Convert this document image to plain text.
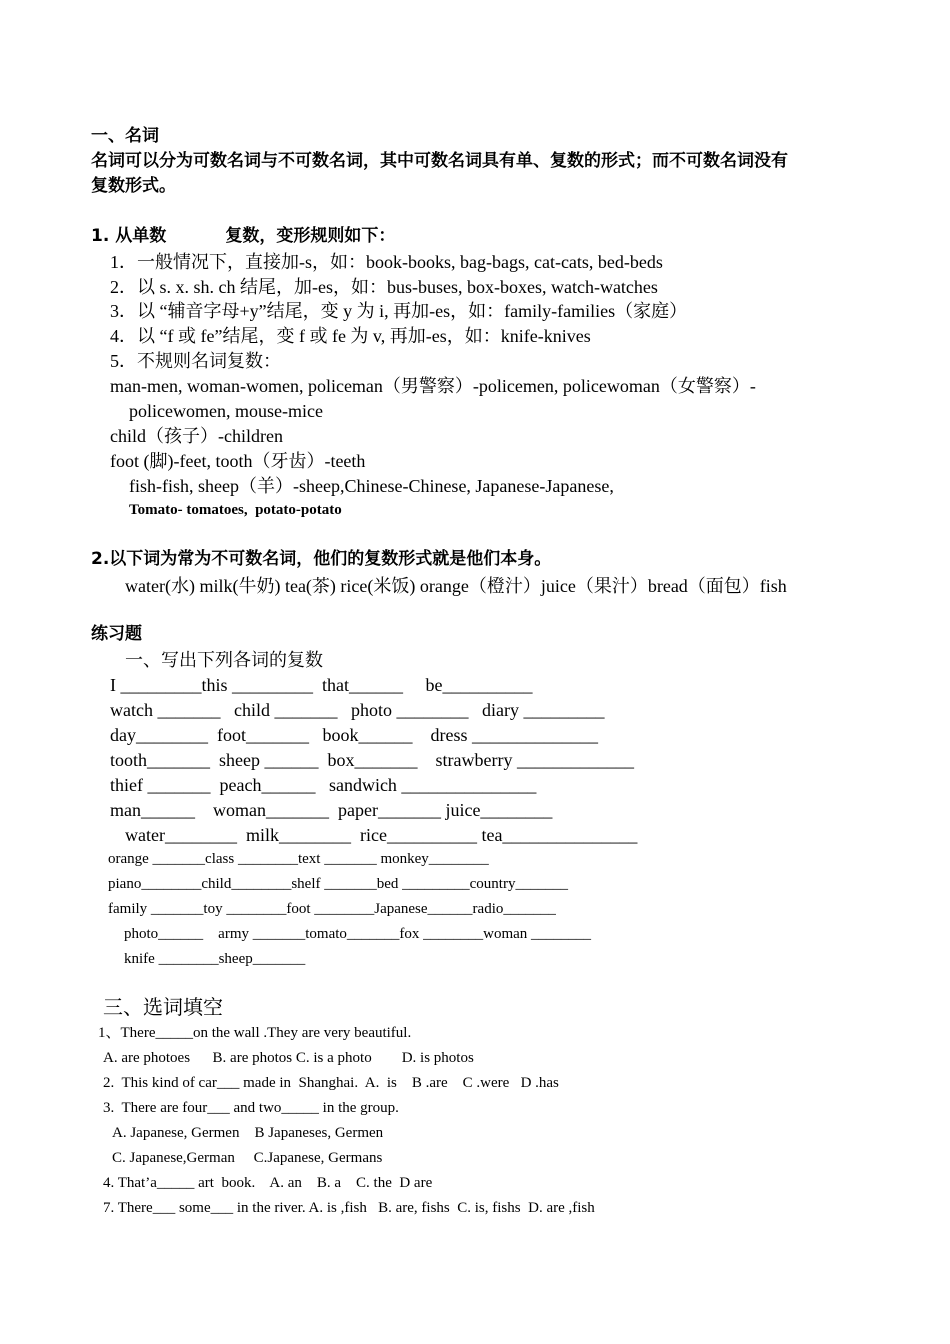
一、名词
名词可以分为可数名词与不可数名词，其中可数名词具有单、复数的形式；而不可数名词没有
复数形式。
1. 从单数          复数，变形规则如下：
1．一般情况下，直接加-s，如：book-books, bag-bags, cat-cats, bed-beds
2．以 s. x. sh. ch 结尾，加-es，如：bus-buses, box-boxes, watch-watches
3．以 “辅音字母+y”结尾，变 y 为 i, 再加-es，如：family-families（家庭）
4．以 “f 或 fe”结尾，变 f 或 fe 为 v, 再加-es，如：knife-knives
5．不规则名词复数：
man-men, woman-women, policeman（男警察）-policemen, policewoman（女警察）-
policewomen, mouse-mice
child（孩子）-children
foot (脚)-feet, tooth（牙齿）-teeth
fish-fish, sheep（羊）-sheep,Chinese-Chinese, Japanese-Japanese,
Tomato- tomatoes,  potato-potato
2.以下词为常为不可数名词，他们的复数形式就是他们本身。
water(水) milk(牛奶) tea(茶) rice(米饭) orange（橙汁）juice（果汁）bread（面包）fish
练习题
一、写出下列各词的复数
I _________this _________  that______     be__________
watch _______   child _______   photo ________   diary _________
day________  foot_______   book______    dress ______________
tooth_______  sheep ______  box_______    strawberry _____________
thief _______  peach______   sandwich _______________
man______    woman_______  paper_______ juice________
water________  milk________  rice__________ tea_______________
orange _______class ________text _______ monkey________
piano________child________shelf _______bed _________country_______
family _______toy ________foot ________Japanese______radio_______
photo______    army _______tomato_______fox ________woman ________
knife ________sheep_______
三、选词填空
1、There_____on the wall .They are very beautiful.
A. are photoes      B. are photos C. is a photo        D. is photos
2.  This kind of car___ made in  Shanghai.  A.  is    B .are    C .were   D .has
3.  There are four___ and two_____ in the group.
A. Japanese, Germen    B Japaneses, Germen
C. Japanese,German     C.Japanese, Germans
4. That’a_____ art  book.    A. an    B. a    C. the  D are
7. There___ some___ in the river. A. is ,fish   B. are, fishs  C. is, fishs  D. are ,fish
